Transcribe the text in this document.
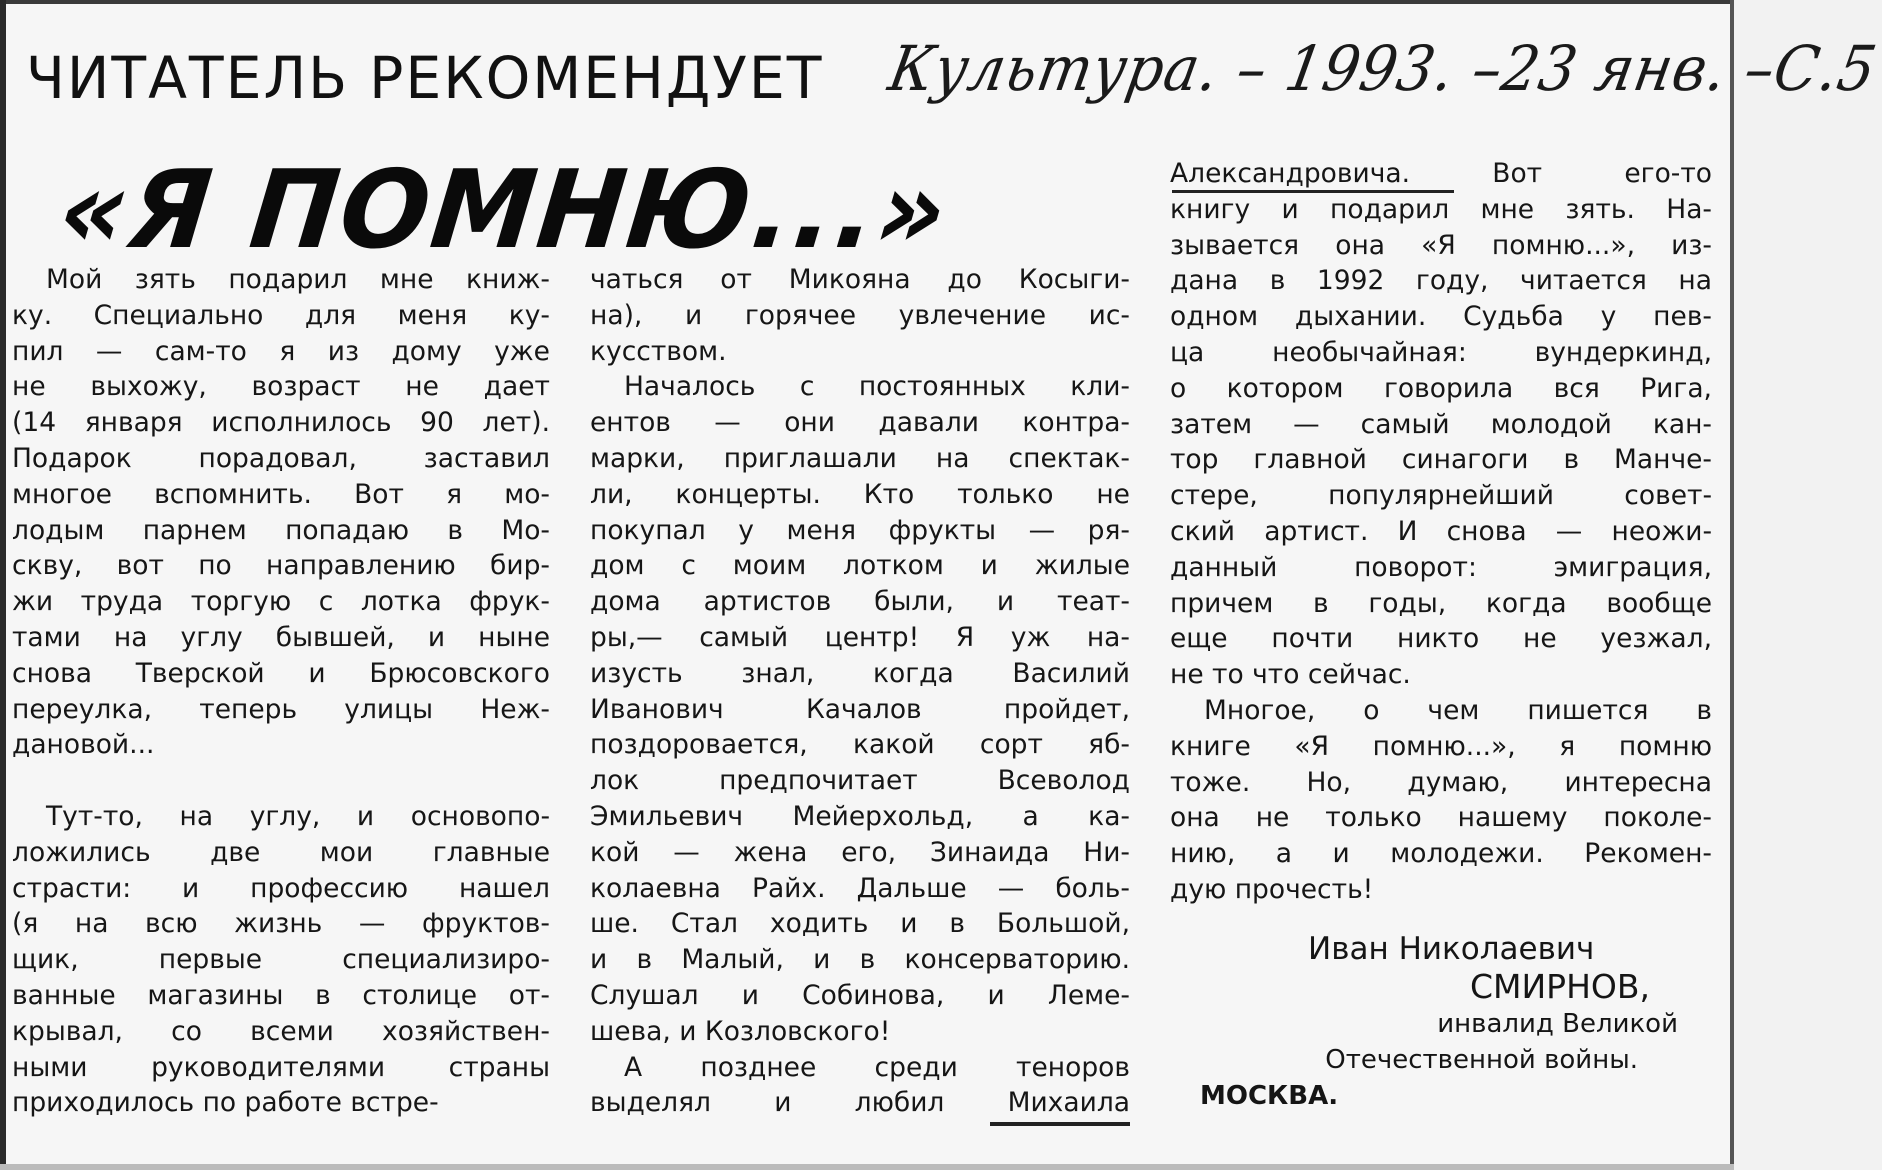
ЧИТАТЕЛЬ РЕКОМЕНДУЕТ Культура. – 1993. –23 янв. –С.5
«Я ПОМНЮ...»
Мой зять подарил мне книж-
ку. Специально для меня ку-
пил — сам-то я из дому уже
не выхожу, возраст не дает
(14 января исполнилось 90 лет).
Подарок порадовал, заставил
многое вспомнить. Вот я мо-
лодым парнем попадаю в Мо-
скву, вот по направлению бир-
жи труда торгую с лотка фрук-
тами на углу бывшей, и ныне
снова Тверской и Брюсовского
переулка, теперь улицы Неж-
дановой...
Тут-то, на углу, и основопо-
ложились две мои главные
страсти: и профессию нашел
(я на всю жизнь — фруктов-
щик, первые специализиро-
ванные магазины в столице от-
крывал, со всеми хозяйствен-
ными руководителями страны
приходилось по работе встре-
чаться от Микояна до Косыги-
на), и горячее увлечение ис-
кусством.
Началось с постоянных кли-
ентов — они давали контра-
марки, приглашали на спектак-
ли, концерты. Кто только не
покупал у меня фрукты — ря-
дом с моим лотком и жилые
дома артистов были, и теат-
ры,— самый центр! Я уж на-
изусть знал, когда Василий
Иванович Качалов пройдет,
поздоровается, какой сорт яб-
лок предпочитает Всеволод
Эмильевич Мейерхольд, а ка-
кой — жена его, Зинаида Ни-
колаевна Райх. Дальше — боль-
ше. Стал ходить и в Большой,
и в Малый, и в консерваторию.
Слушал и Собинова, и Леме-
шева, и Козловского!
А позднее среди теноров
выделял и любил Михаила
Александровича. Вот его-то
книгу и подарил мне зять. На-
зывается она «Я помню...», из-
дана в 1992 году, читается на
одном дыхании. Судьба у пев-
ца необычайная: вундеркинд,
о котором говорила вся Рига,
затем — самый молодой кан-
тор главной синагоги в Манче-
стере, популярнейший совет-
ский артист. И снова — неожи-
данный поворот: эмиграция,
причем в годы, когда вообще
еще почти никто не уезжал,
не то что сейчас.
Многое, о чем пишется в
книге «Я помню...», я помню
тоже. Но, думаю, интересна
она не только нашему поколе-
нию, а и молодежи. Рекомен-
дую прочесть!
Иван Николаевич
СМИРНОВ,
инвалид Великой
Отечественной войны.
МОСКВА.
